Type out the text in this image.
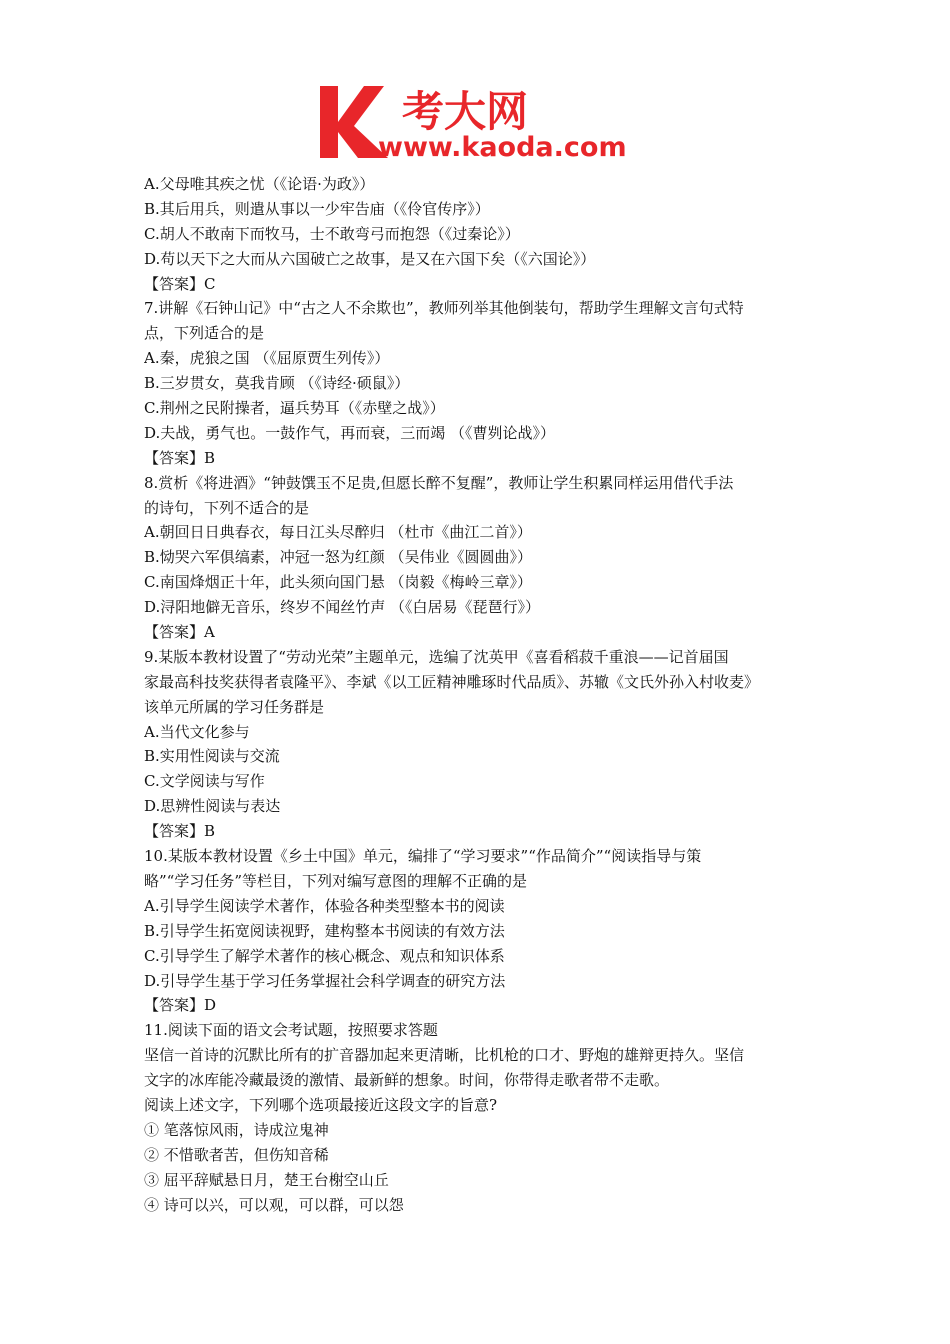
考大网
www.kaoda.com
A.父母唯其疾之忧（《论语·为政》）
B.其后用兵，则遣从事以一少牢告庙（《伶官传序》）
C.胡人不敢南下而牧马，士不敢弯弓而抱怨（《过秦论》）
D.苟以天下之大而从六国破亡之故事，是又在六国下矣（《六国论》）
【答案】C
7.讲解《石钟山记》中“古之人不余欺也”，教师列举其他倒装句，帮助学生理解文言句式特
点，下列适合的是
A.秦，虎狼之国 （《屈原贾生列传》）
B.三岁贯女，莫我肯顾 （《诗经·硕鼠》）
C.荆州之民附操者，逼兵势耳（《赤壁之战》）
D.夫战，勇气也。一鼓作气，再而衰，三而竭 （《曹刿论战》）
【答案】B
8.赏析《将进酒》“钟鼓馔玉不足贵,但愿长醉不复醒”，教师让学生积累同样运用借代手法
的诗句，下列不适合的是
A.朝回日日典春衣，每日江头尽醉归 （杜市《曲江二首》）
B.恸哭六军俱缟素，冲冠一怒为红颜 （吴伟业《圆圆曲》）
C.南国烽烟正十年，此头须向国门悬 （岗毅《梅岭三章》）
D.浔阳地僻无音乐，终岁不闻丝竹声 （《白居易《琵琶行》）
【答案】A
9.某版本教材设置了“劳动光荣”主题单元，选编了沈英甲《喜看稻菽千重浪——记首届国
家最高科技奖获得者袁隆平》、李斌《以工匠精神雕琢时代品质》、苏辙《文氏外孙入村收麦》
该单元所属的学习任务群是
A.当代文化参与
B.实用性阅读与交流
C.文学阅读与写作
D.思辨性阅读与表达
【答案】B
10.某版本教材设置《乡土中国》单元，编排了“学习要求”“作品简介”“阅读指导与策
略”“学习任务”等栏目，下列对编写意图的理解不正确的是
A.引导学生阅读学术著作，体验各种类型整本书的阅读
B.引导学生拓宽阅读视野，建构整本书阅读的有效方法
C.引导学生了解学术著作的核心概念、观点和知识体系
D.引导学生基于学习任务掌握社会科学调查的研究方法
【答案】D
11.阅读下面的语文会考试题，按照要求答题
坚信一首诗的沉默比所有的扩音器加起来更清晰，比机枪的口才、野炮的雄辩更持久。坚信
文字的冰库能冷藏最烫的激情、最新鲜的想象。时间，你带得走歌者带不走歌。
阅读上述文字，下列哪个选项最接近这段文字的旨意?
① 笔落惊风雨，诗成泣鬼神
② 不惜歌者苦，但伤知音稀
③ 屈平辞赋悬日月，楚王台榭空山丘
④ 诗可以兴，可以观，可以群，可以怨
